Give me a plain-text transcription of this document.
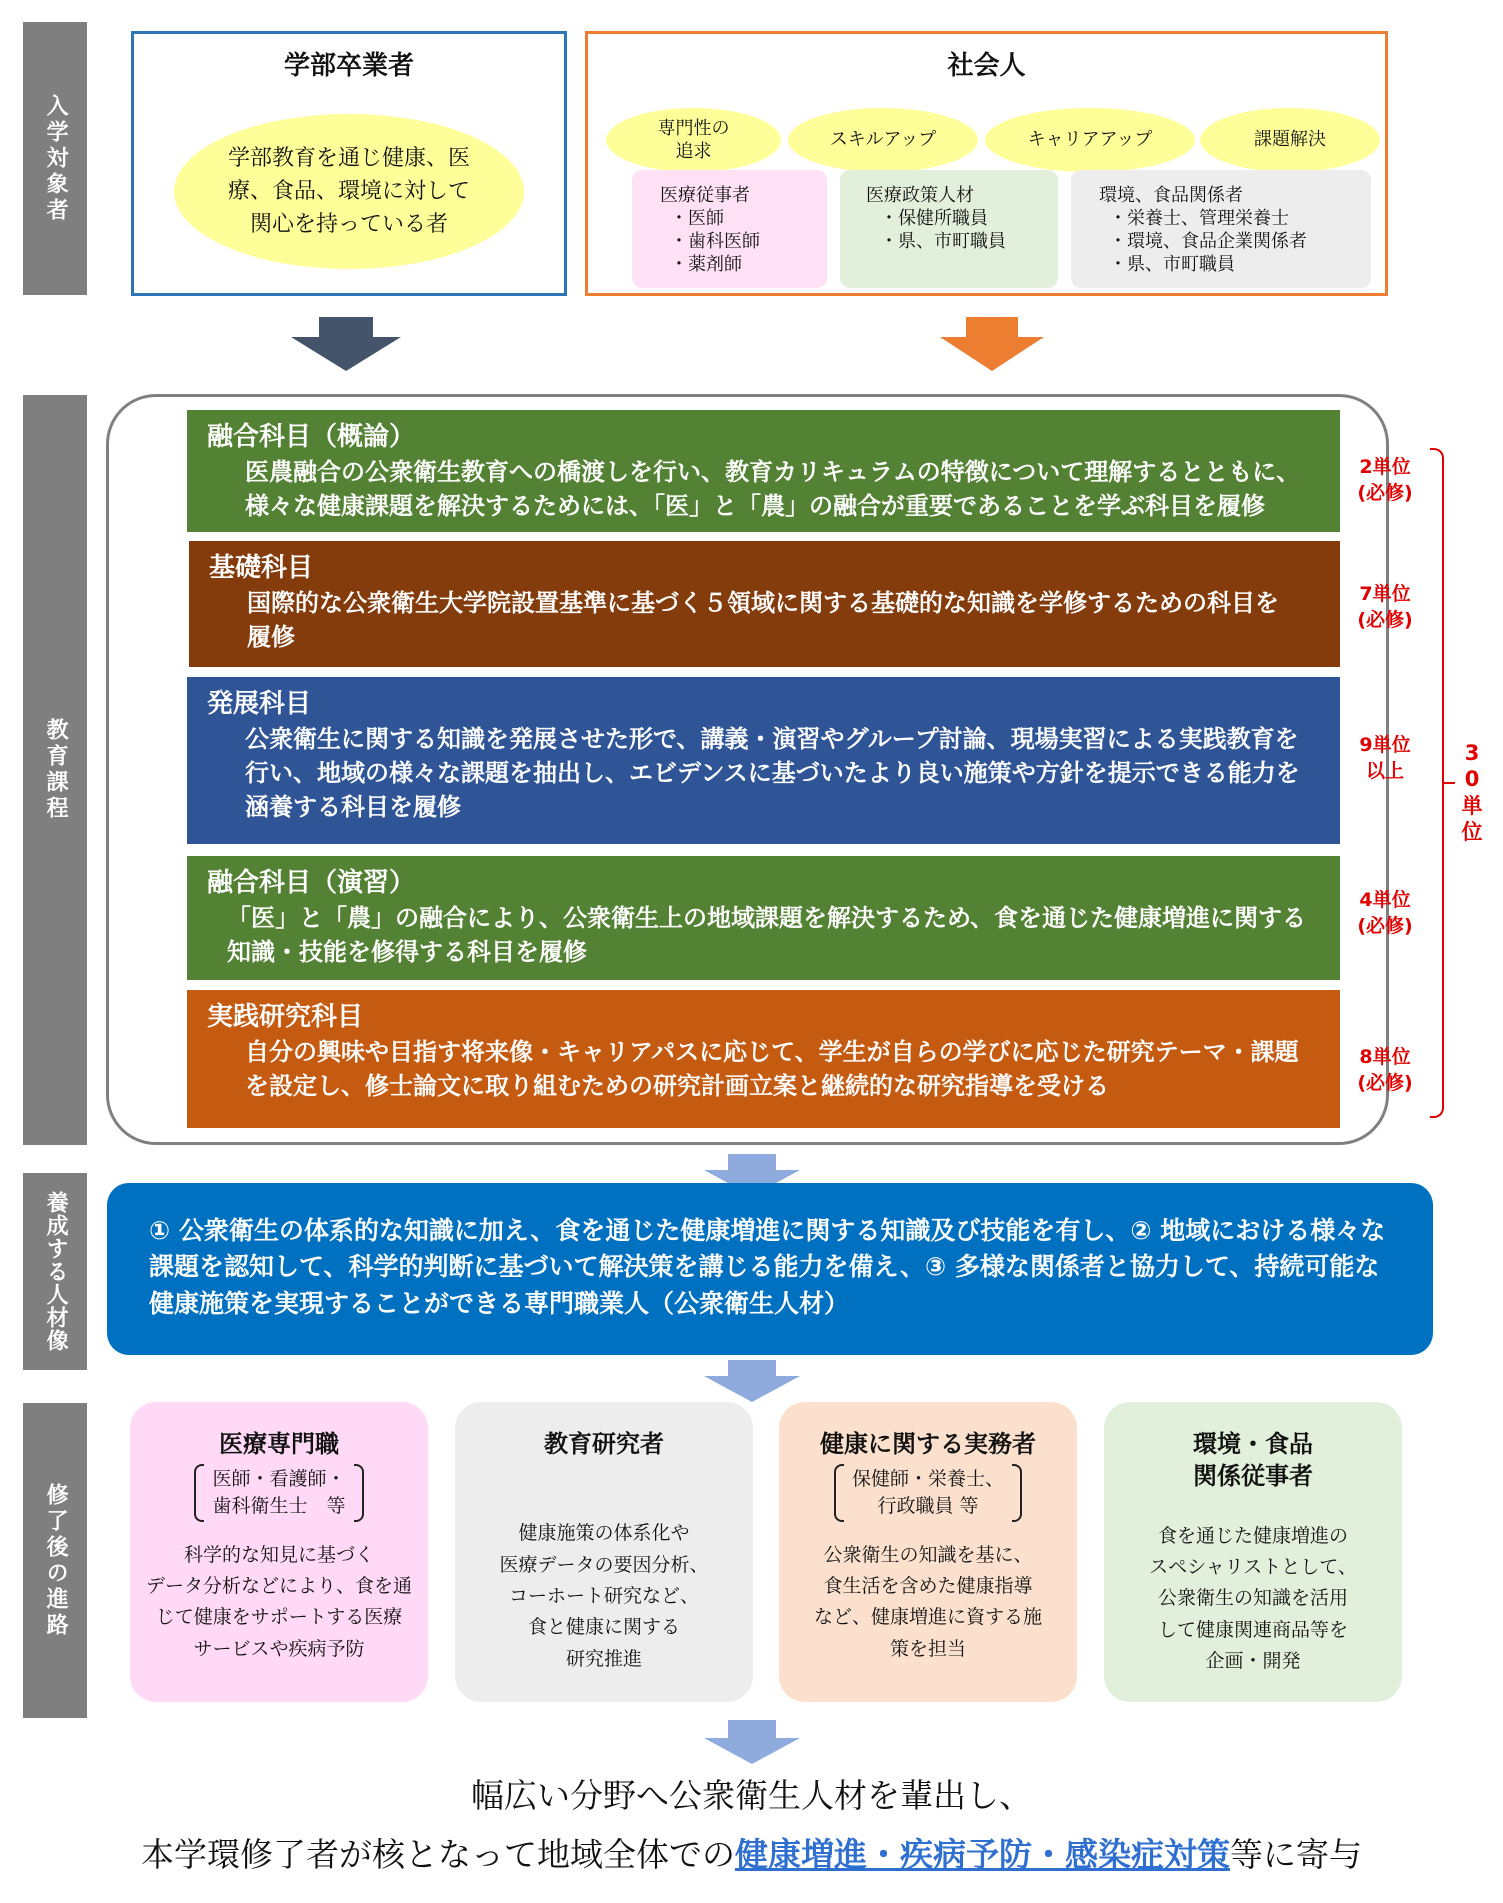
入学対象者
教育課程
養成する人材像
修了後の進路
学部卒業者
学部教育を通じ健康、医療、食品、環境に対して関心を持っている者
社会人
専門性の追求
スキルアップ	キャリアアップ	課題解決
医療従事者
・医師
・歯科医師
・薬剤師
医療政策人材
・保健所職員
・県、市町職員
環境、食品関係者
・栄養士、管理栄養士
・環境、食品企業関係者
・県、市町職員
融合科目（概論）
医農融合の公衆衛生教育への橋渡しを行い、教育カリキュラムの特徴について理解するとともに、様々な健康課題を解決するためには、「医」と「農」の融合が重要であることを学ぶ科目を履修
基礎科目
国際的な公衆衛生大学院設置基準に基づく５領域に関する基礎的な知識を学修するための科目を履修
発展科目
公衆衛生に関する知識を発展させた形で、講義・演習やグループ討論、現場実習による実践教育を行い、地域の様々な課題を抽出し、エビデンスに基づいたより良い施策や方針を提示できる能力を涵養する科目を履修
融合科目（演習）
「医」と「農」の融合により、公衆衛生上の地域課題を解決するため、食を通じた健康増進に関する知識・技能を修得する科目を履修
実践研究科目
自分の興味や目指す将来像・キャリアパスに応じて、学生が自らの学びに応じた研究テーマ・課題を設定し、修士論文に取り組むための研究計画立案と継続的な研究指導を受ける
2単位
(必修)
7単位
(必修)
9単位
以上
4単位
(必修)
8単位
(必修)
30単位
① 公衆衛生の体系的な知識に加え、食を通じた健康増進に関する知識及び技能を有し、② 地域における様々な課題を認知して、科学的判断に基づいて解決策を講じる能力を備え、③ 多様な関係者と協力して、持続可能な健康施策を実現することができる専門職業人（公衆衛生人材）
医療専門職
医師・看護師・
歯科衛生士　等
科学的な知見に基づく
データ分析などにより、食を通
じて健康をサポートする医療
サービスや疾病予防
教育研究者
健康施策の体系化や
医療データの要因分析、
コーホート研究など、
食と健康に関する
研究推進
健康に関する実務者
保健師・栄養士、
行政職員 等
公衆衛生の知識を基に、
食生活を含めた健康指導
など、健康増進に資する施
策を担当
環境・食品
関係従事者
食を通じた健康増進の
スペシャリストとして、
公衆衛生の知識を活用
して健康関連商品等を
企画・開発
幅広い分野へ公衆衛生人材を輩出し、
本学環修了者が核となって地域全体での 健康増進・疾病予防・感染症対策 等に寄与
